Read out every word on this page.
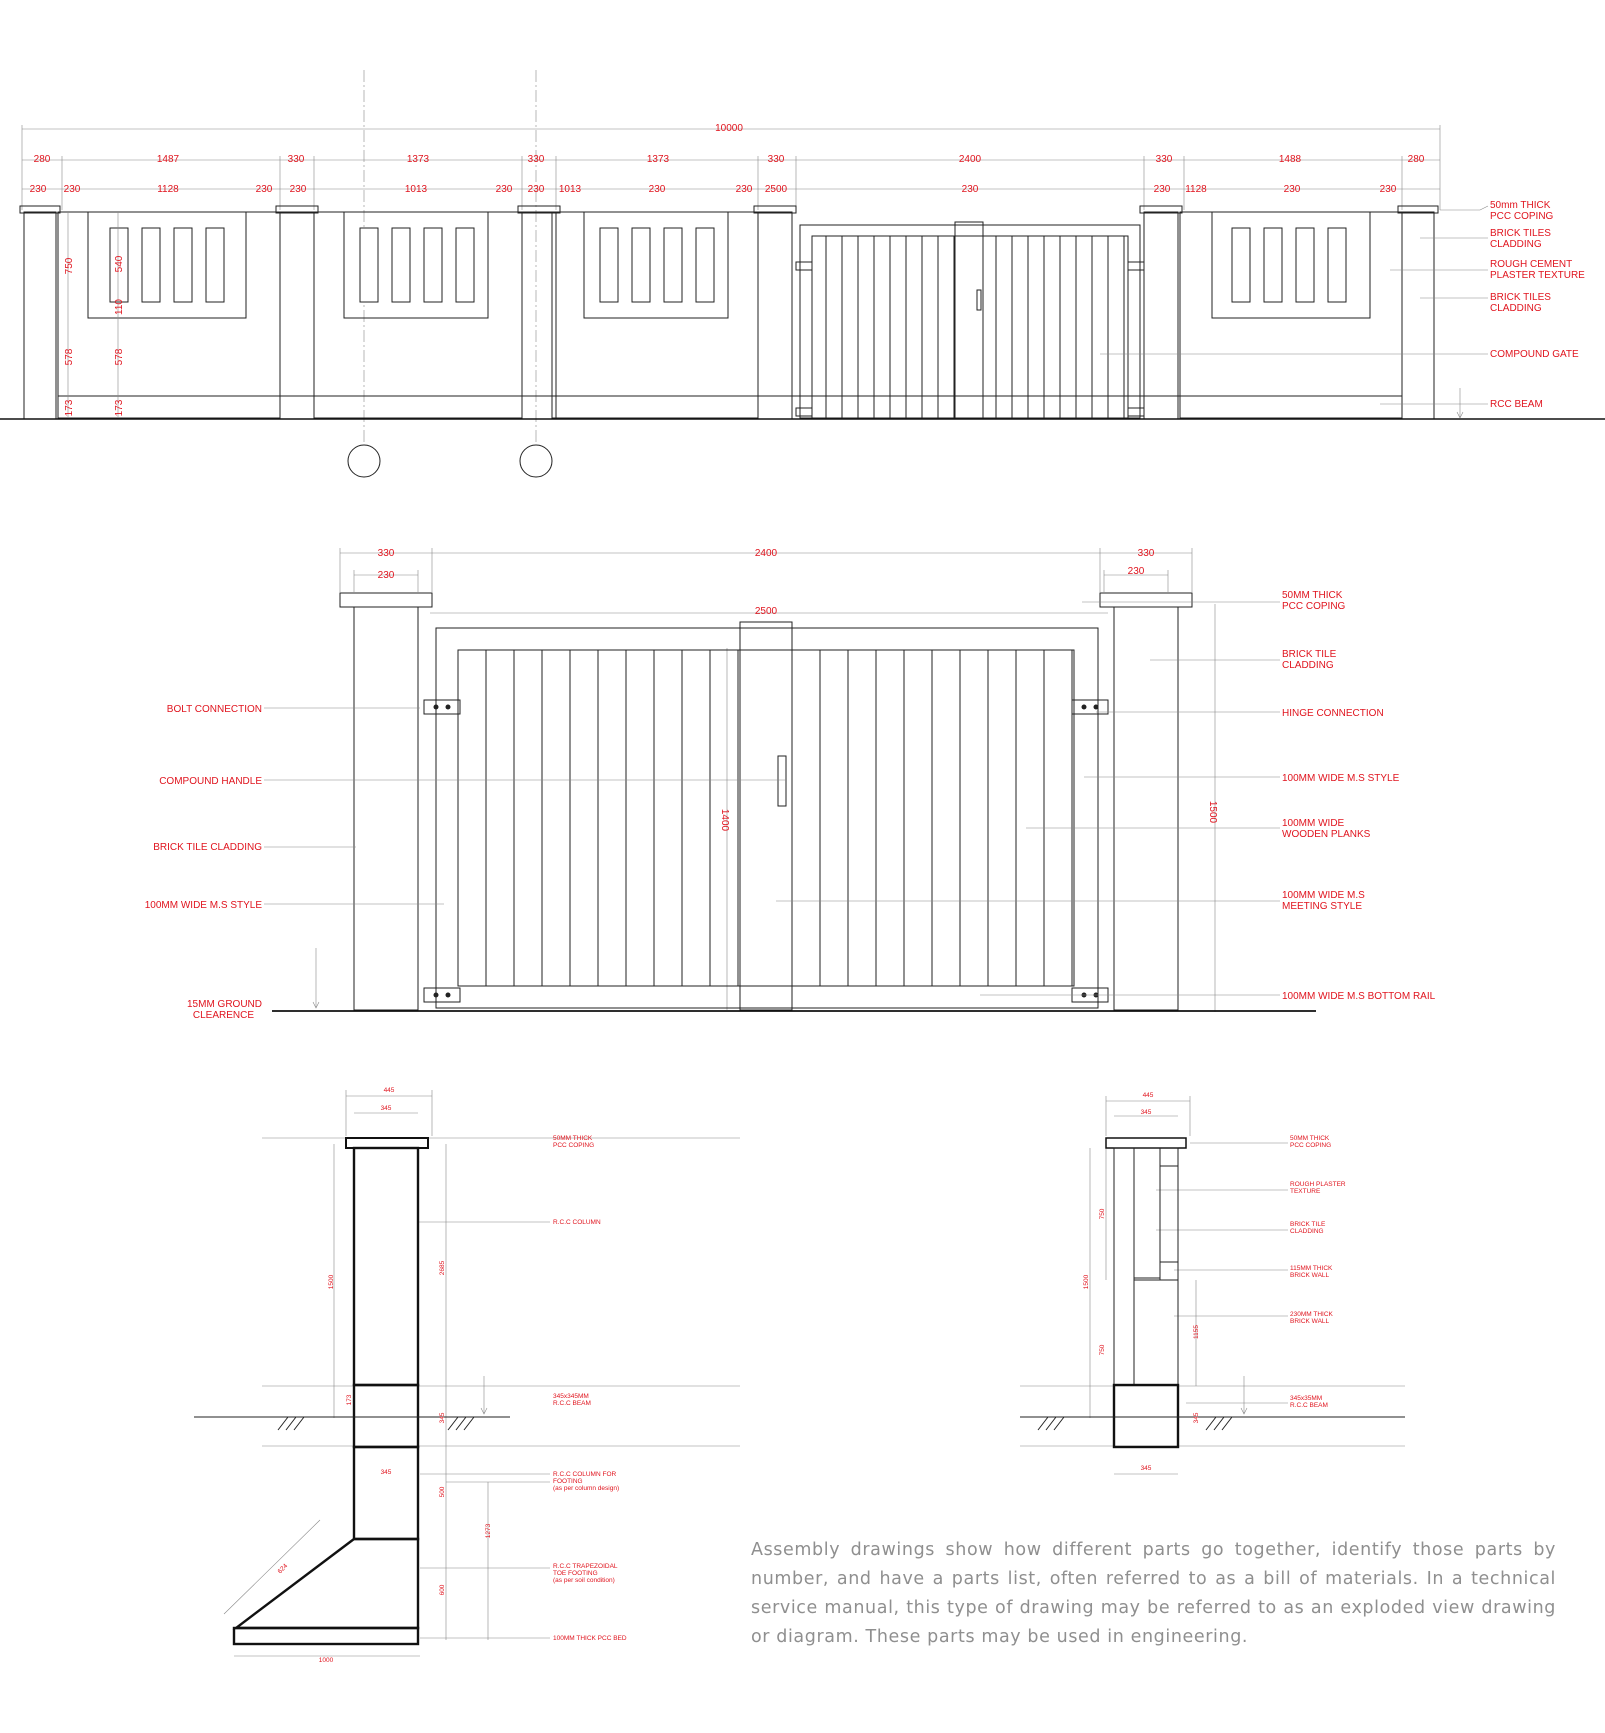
10000
280	1487	330	1373	330	1373	330	2400	330	1488	280
230 230	1128	230 230	1013	230 230 1013	230	230 2500	230	230 1128	230	230
750
578
173
540
110
578
173
50mm THICK PCC COPING
BRICK TILES CLADDING
ROUGH CEMENT PLASTER TEXTURE
BRICK TILES CLADDING
COMPOUND GATE
RCC BEAM
330	2400	330
230	230
2500
1400	1500
BOLT CONNECTION
COMPOUND HANDLE
BRICK TILE CLADDING
100MM WIDE M.S STYLE
15MM GROUND CLEARENCE
50MM THICK PCC COPING
BRICK TILE CLADDING
HINGE CONNECTION
100MM WIDE M.S STYLE
100MM WIDE WOODEN PLANKS
100MM WIDE M.S MEETING STYLE
100MM WIDE M.S BOTTOM RAIL
445
345
1500
2685
173
345
345
500
1273
600
624
1000
50MM THICK PCC COPING
R.C.C COLUMN
345x345MM R.C.C BEAM
R.C.C COLUMN FOR FOOTING (as per column design)
R.C.C TRAPEZOIDAL TOE FOOTING (as per soil condition)
100MM THICK PCC BED
445
345
750
1500
750
1155
345
345
50MM THICK PCC COPING
ROUGH PLASTER TEXTURE
BRICK TILE CLADDING
115MM THICK BRICK WALL
230MM THICK BRICK WALL
345x35MM R.C.C BEAM
Assembly drawings show how different parts go together, identify those parts by number, and have a parts list, often referred to as a bill of materials. In a technical service manual, this type of drawing may be referred to as an exploded view drawing or diagram. These parts may be used in engineering.
